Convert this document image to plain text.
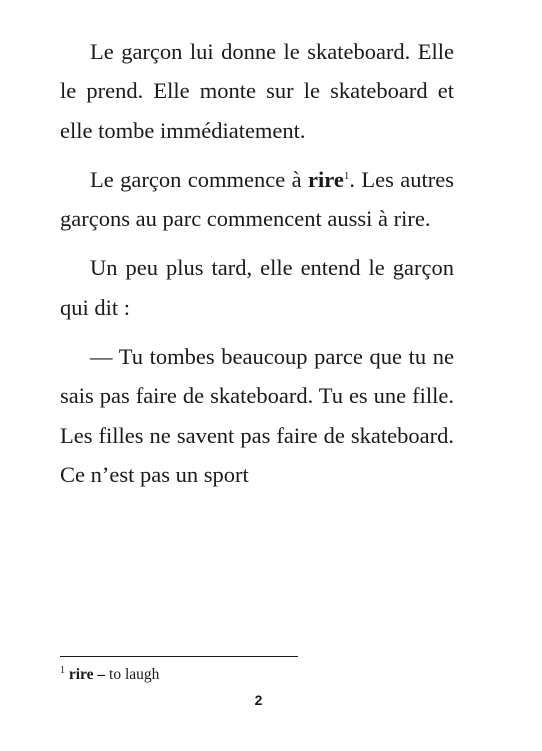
Le garçon lui donne le skateboard. Elle le prend. Elle monte sur le skateboard et elle tombe immédiatement.

Le garçon commence à rire$^1$. Les autres garçons au parc commencent aussi à rire.

Un peu plus tard, elle entend le garçon qui dit :

— Tu tombes beaucoup parce que tu ne sais pas faire de skateboard. Tu es une fille. Les filles ne savent pas faire de skateboard. Ce n’est pas un sport

$^1$ rire – to laugh
2
